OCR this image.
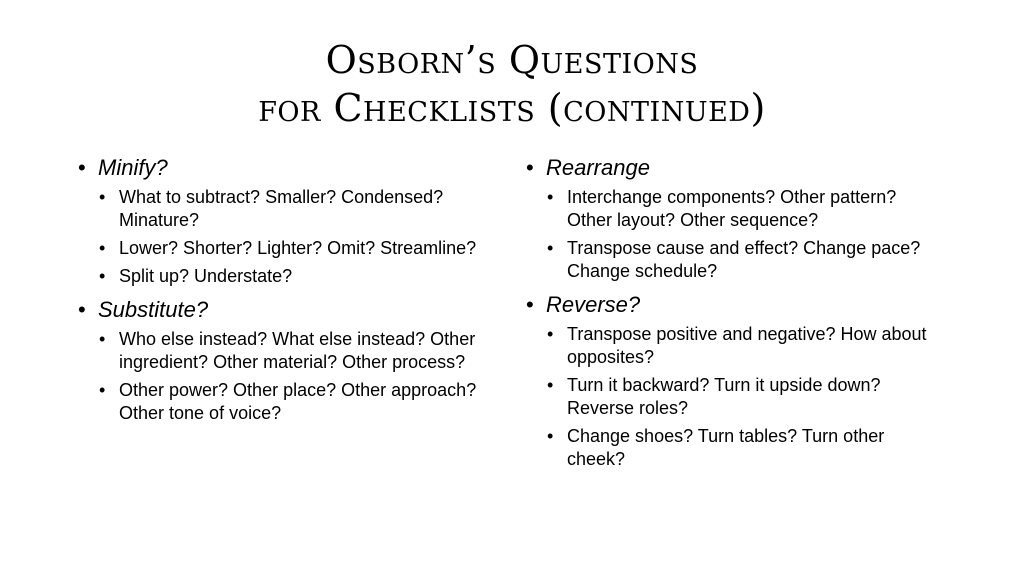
Osborn’s Questions
for Checklists (continued)
• Minify?
• What to subtract? Smaller? Condensed? Minature?
• Lower? Shorter? Lighter? Omit? Streamline?
• Split up? Understate?
• Substitute?
• Who else instead? What else instead? Other ingredient? Other material? Other process?
• Other power? Other place? Other approach? Other tone of voice?
• Rearrange
• Interchange components? Other pattern? Other layout? Other sequence?
• Transpose cause and effect? Change pace? Change schedule?
• Reverse?
• Transpose positive and negative? How about opposites?
• Turn it backward? Turn it upside down? Reverse roles?
• Change shoes? Turn tables? Turn other cheek?
